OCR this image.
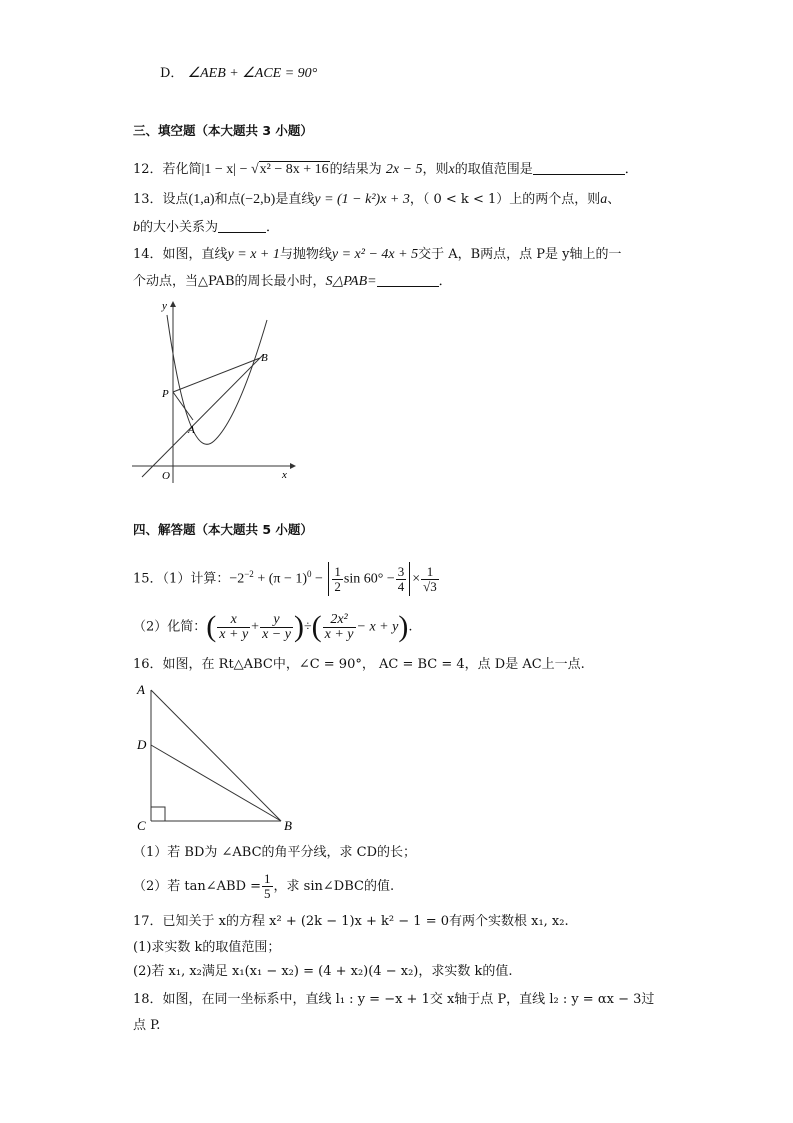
D． ∠AEB + ∠ACE = 90°
三、填空题（本大题共 3 小题）
12．若化简|1 − x| − √x² − 8x + 16的结果为 2x − 5，则x的取值范围是	．
13．设点(1,a)和点(−2,b)是直线y = (1 − k²)x + 3，（ 0 < k < 1）上的两个点，则a、
b的大小关系为	．
14．如图，直线y = x + 1与抛物线y = x² − 4x + 5交于 A，B两点，点 P是 y轴上的一
个动点，当△PAB的周长最小时，S△PAB=	．
y
x
O
P
A
B
四、解答题（本大题共 5 小题）
15．（1）计算：$-2^{-2} + (\pi - 1)^0 - \frac{1}{2}$ $\sin 60^\circ - \frac{3}{4} \times \frac{1}{√3}$
（2）化简：( $\frac{x}{x + y} + \frac{y}{x - y}$ )÷( $\frac{\text{2x²}}{x + y} - x + y$).
16．如图，在 Rt△ABC中，∠C = 90°， AC = BC = 4，点 D是 AC上一点.
A
D
C	B
（1）若 BD为 ∠ABC的角平分线，求 CD的长；
（2）若 tan∠ABD = $\frac{1}{5}$ ，求 sin∠DBC的值.
17．已知关于 x的方程 x² + (2k − 1)x + k² − 1 = 0有两个实数根 x₁, x₂.
(1)求实数 k的取值范围；
(2)若 x₁, x₂满足 x₁(x₁ − x₂) = (4 + x₂)(4 − x₂)，求实数 k的值.
18．如图，在同一坐标系中，直线 l₁ : y = −x + 1交 x轴于点 P，直线 l₂ : y = αx − 3过
点 P.
